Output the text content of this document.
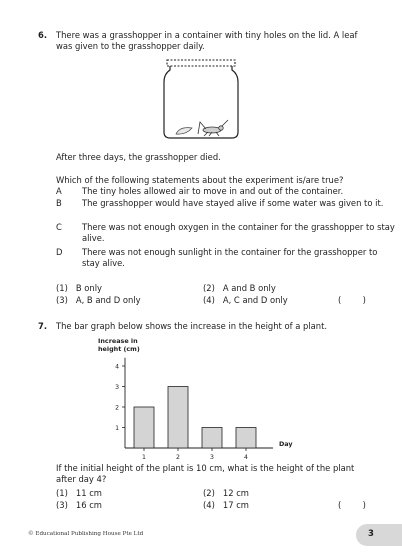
6. There was a grasshopper in a container with tiny holes on the lid. A leaf
was given to the grasshopper daily.
After three days, the grasshopper died.
Which of the following statements about the experiment is/are true?
A The tiny holes allowed air to move in and out of the container.
B The grasshopper would have stayed alive if some water was given to it.
C There was not enough oxygen in the container for the grasshopper to stay alive.
D There was not enough sunlight in the container for the grasshopper to stay alive.
(1) B only	(2) A and B only
(3) A, B and D only	(4) A, C and D only	(        )
7. The bar graph below shows the increase in the height of a plant.
Increase in
height (cm)
1
2
3
4
1	2	3	4
Day
If the initial height of the plant is 10 cm, what is the height of the plant
after day 4?
(1) 11 cm	(2) 12 cm
(3) 16 cm	(4) 17 cm	(        )
© Educational Publishing House Pte Ltd	3
